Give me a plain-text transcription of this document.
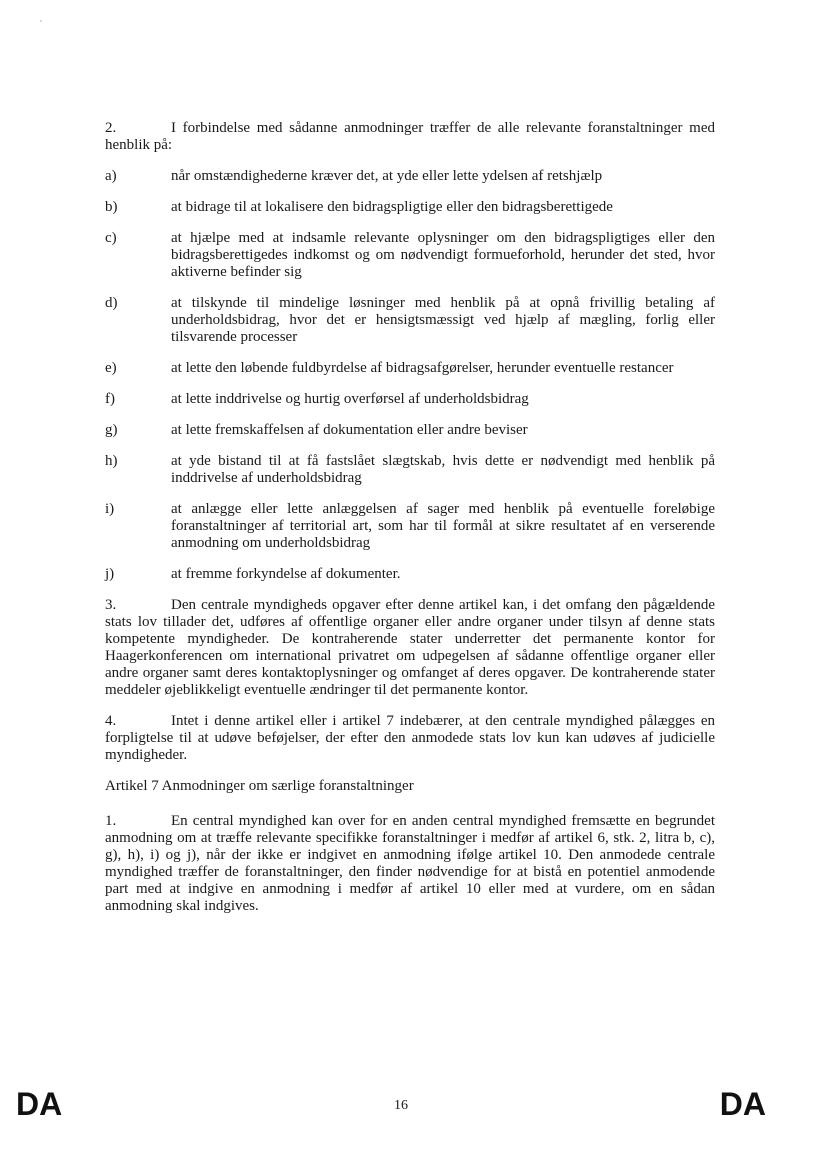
2.	I forbindelse med sådanne anmodninger træffer de alle relevante foranstaltninger med henblik på:

a)	når omstændighederne kræver det, at yde eller lette ydelsen af retshjælp
b)	at bidrage til at lokalisere den bidragspligtige eller den bidragsberettigede
c)	at hjælpe med at indsamle relevante oplysninger om den bidragspligtiges eller den bidragsberettigedes indkomst og om nødvendigt formueforhold, herunder det sted, hvor aktiverne befinder sig
d)	at tilskynde til mindelige løsninger med henblik på at opnå frivillig betaling af underholdsbidrag, hvor det er hensigtsmæssigt ved hjælp af mægling, forlig eller tilsvarende processer
e)	at lette den løbende fuldbyrdelse af bidragsafgørelser, herunder eventuelle restancer
f)	at lette inddrivelse og hurtig overførsel af underholdsbidrag
g)	at lette fremskaffelsen af dokumentation eller andre beviser
h)	at yde bistand til at få fastslået slægtskab, hvis dette er nødvendigt med henblik på inddrivelse af underholdsbidrag
i)	at anlægge eller lette anlæggelsen af sager med henblik på eventuelle foreløbige foranstaltninger af territorial art, som har til formål at sikre resultatet af en verserende anmodning om underholdsbidrag
j)	at fremme forkyndelse af dokumenter.

3.	Den centrale myndigheds opgaver efter denne artikel kan, i det omfang den pågældende stats lov tillader det, udføres af offentlige organer eller andre organer under tilsyn af denne stats kompetente myndigheder. De kontraherende stater underretter det permanente kontor for Haagerkonferencen om international privatret om udpegelsen af sådanne offentlige organer eller andre organer samt deres kontaktoplysninger og omfanget af deres opgaver. De kontraherende stater meddeler øjeblikkeligt eventuelle ændringer til det permanente kontor.

4.	Intet i denne artikel eller i artikel 7 indebærer, at den centrale myndighed pålægges en forpligtelse til at udøve beføjelser, der efter den anmodede stats lov kun kan udøves af judicielle myndigheder.

Artikel 7 Anmodninger om særlige foranstaltninger

1.	En central myndighed kan over for en anden central myndighed fremsætte en begrundet anmodning om at træffe relevante specifikke foranstaltninger i medfør af artikel 6, stk. 2, litra b, c), g), h), i) og j), når der ikke er indgivet en anmodning ifølge artikel 10. Den anmodede centrale myndighed træffer de foranstaltninger, den finder nødvendige for at bistå en potentiel anmodende part med at indgive en anmodning i medfør af artikel 10 eller med at vurdere, om en sådan anmodning skal indgives.

DA	16	DA
